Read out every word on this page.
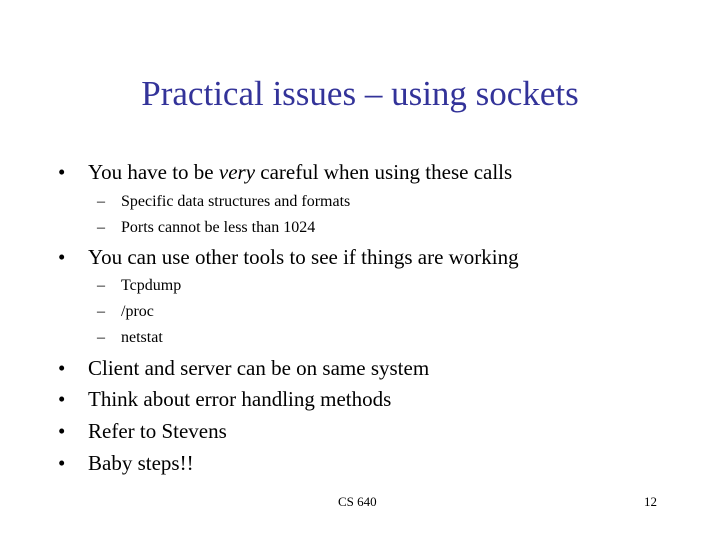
Practical issues – using sockets
• You have to be very careful when using these calls
– Specific data structures and formats
– Ports cannot be less than 1024
• You can use other tools to see if things are working
– Tcpdump
– /proc
– netstat
• Client and server can be on same system
• Think about error handling methods
• Refer to Stevens
• Baby steps!!
CS 640	12
